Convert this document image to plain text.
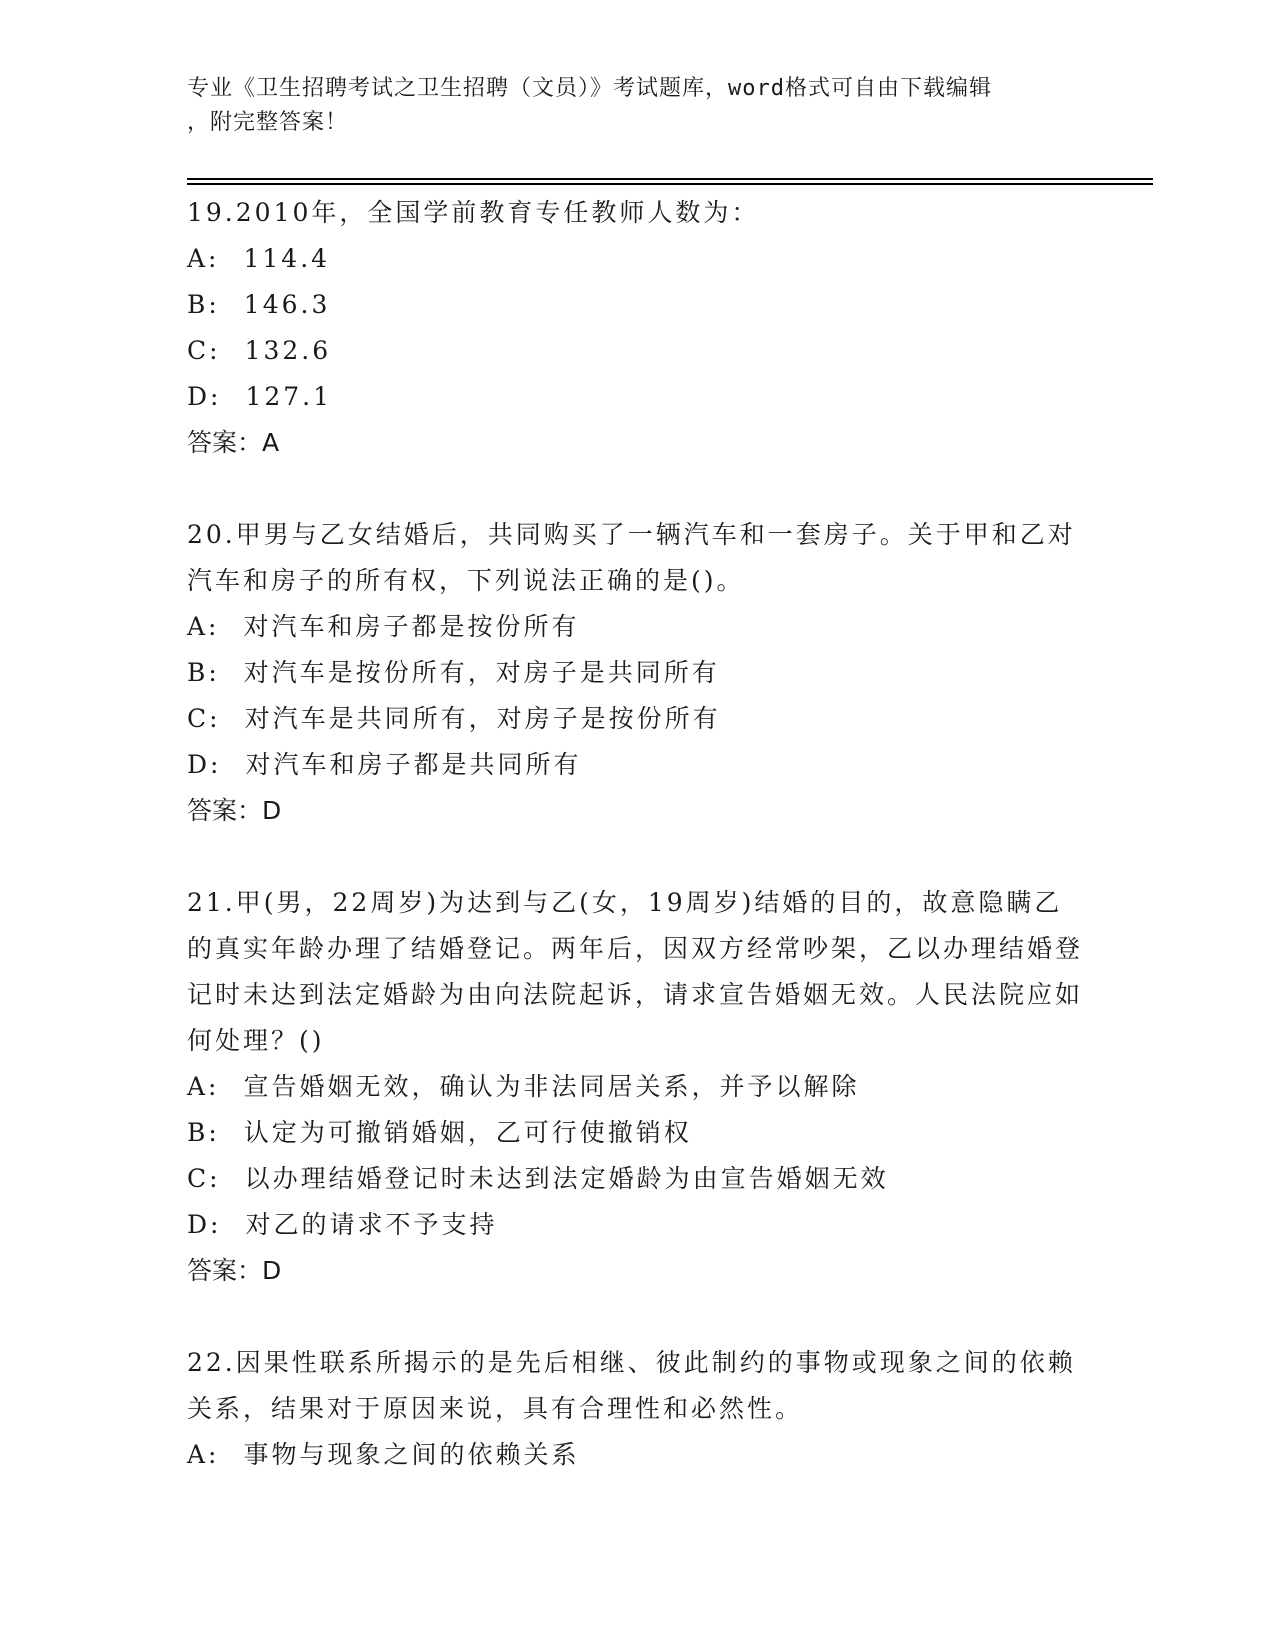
专业《卫生招聘考试之卫生招聘（文员）》考试题库，word格式可自由下载编辑
，附完整答案！

19.2010年，全国学前教育专任教师人数为：

A: 114.4

B: 146.3

C: 132.6

D: 127.1

答案：A

20.甲男与乙女结婚后，共同购买了一辆汽车和一套房子。关于甲和乙对汽车和房子的所有权，下列说法正确的是()。

A: 对汽车和房子都是按份所有

B: 对汽车是按份所有，对房子是共同所有

C: 对汽车是共同所有，对房子是按份所有

D: 对汽车和房子都是共同所有

答案：D

21.甲(男，22周岁)为达到与乙(女，19周岁)结婚的目的，故意隐瞒乙的真实年龄办理了结婚登记。两年后，因双方经常吵架，乙以办理结婚登记时未达到法定婚龄为由向法院起诉，请求宣告婚姻无效。人民法院应如何处理？()

A: 宣告婚姻无效，确认为非法同居关系，并予以解除

B: 认定为可撤销婚姻，乙可行使撤销权

C: 以办理结婚登记时未达到法定婚龄为由宣告婚姻无效

D: 对乙的请求不予支持

答案：D

22.因果性联系所揭示的是先后相继、彼此制约的事物或现象之间的依赖关系，结果对于原因来说，具有合理性和必然性。

A: 事物与现象之间的依赖关系
